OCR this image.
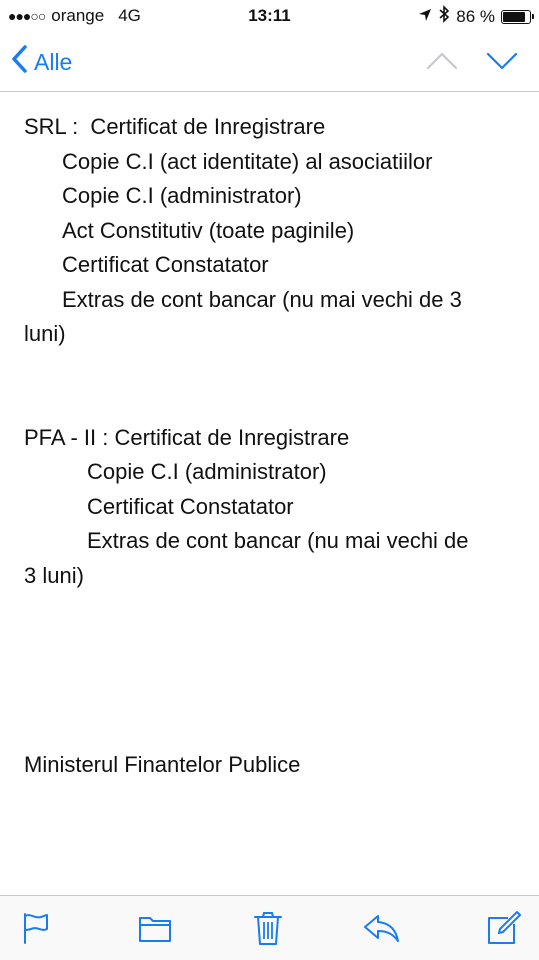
●●●○○ orange 4G	13:11	86 %
Alle

SRL :  Certificat de Inregistrare

Copie C.I (act identitate) al asociatiilor

Copie C.I (administrator)

Act Constitutiv (toate paginile)

Certificat Constatator

Extras de cont bancar (nu mai vechi de 3

luni)

PFA - II : Certificat de Inregistrare

Copie C.I (administrator)

Certificat Constatator

Extras de cont bancar (nu mai vechi de

3 luni)

Ministerul Finantelor Publice
